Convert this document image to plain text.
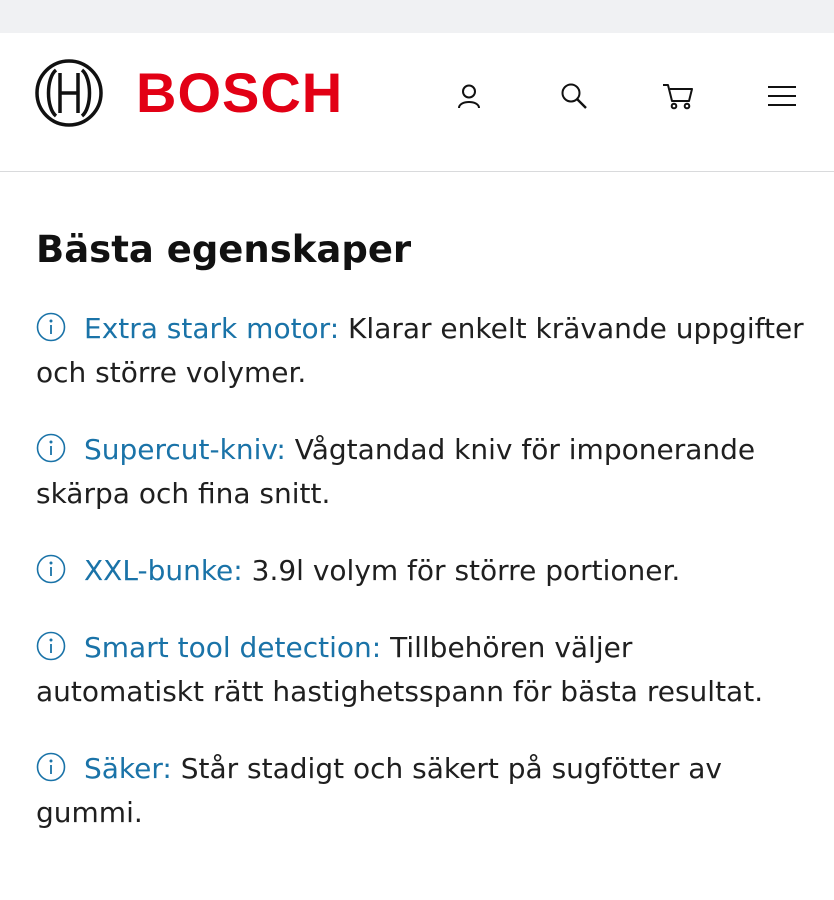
BOSCH
Bästa egenskaper
Extra stark motor: Klarar enkelt krävande uppgifter och större volymer.
Supercut-kniv: Vågtandad kniv för imponerande skärpa och fina snitt.
XXL-bunke: 3.9l volym för större portioner.
Smart tool detection: Tillbehören väljer automatiskt rätt hastighetsspann för bästa resultat.
Säker: Står stadigt och säkert på sugfötter av gummi.
